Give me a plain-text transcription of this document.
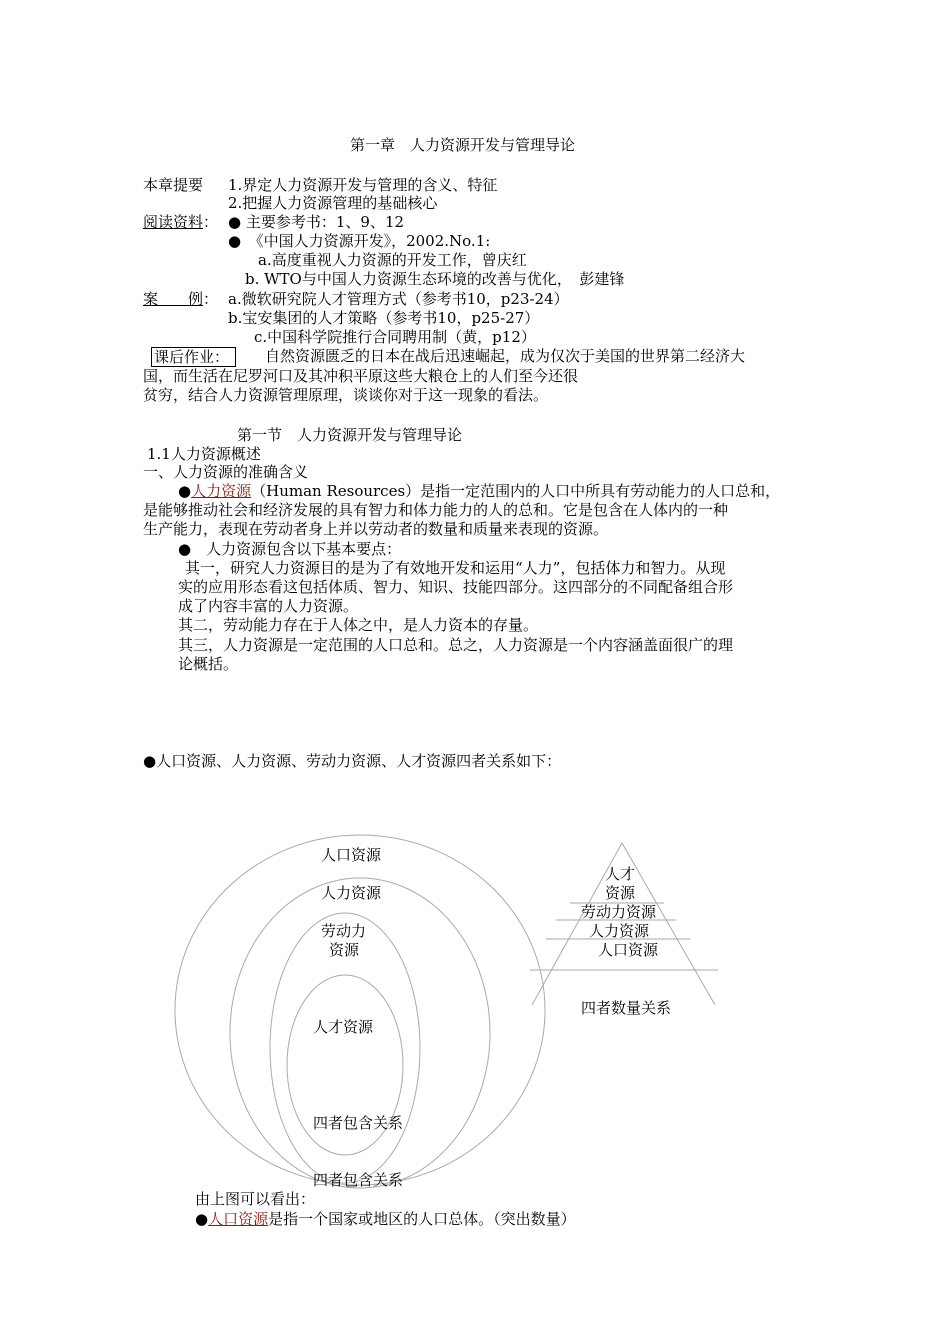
第一章　人力资源开发与管理导论
本章提要 1.界定人力资源开发与管理的含义、特征
2.把握人力资源管理的基础核心
阅读资料： ● 主要参考书：1、9、12
●　《中国人力资源开发》，2002.No.1:
a.高度重视人力资源的开发工作，曾庆红
b. WTO与中国人力资源生态环境的改善与优化，　彭建锋
案　　例： a.微软研究院人才管理方式（参考书10，p23-24）
b.宝安集团的人才策略（参考书10，p25-27）
c.中国科学院推行合同聘用制（黄，p12）
课后作业：	自然资源匮乏的日本在战后迅速崛起，成为仅次于美国的世界第二经济大
国，而生活在尼罗河口及其冲积平原这些大粮仓上的人们至今还很
贫穷，结合人力资源管理原理，谈谈你对于这一现象的看法。
第一节　人力资源开发与管理导论
1.1人力资源概述
一、人力资源的准确含义
●人力资源（Human Resources）是指一定范围内的人口中所具有劳动能力的人口总和，
是能够推动社会和经济发展的具有智力和体力能力的人的总和。它是包含在人体内的一种
生产能力，表现在劳动者身上并以劳动者的数量和质量来表现的资源。
●　人力资源包含以下基本要点：
其一，研究人力资源目的是为了有效地开发和运用“人力”，包括体力和智力。从现
实的应用形态看这包括体质、智力、知识、技能四部分。这四部分的不同配备组合形
成了内容丰富的人力资源。
其二，劳动能力存在于人体之中，是人力资本的存量。
其三，人力资源是一定范围的人口总和。总之，人力资源是一个内容涵盖面很广的理
论概括。
●人口资源、人力资源、劳动力资源、人才资源四者关系如下：
人口资源
人力资源
劳动力
资源
人才资源
四者包含关系
四者包含关系
人才
资源
劳动力资源
人力资源
人口资源
四者数量关系
由上图可以看出：
●人口资源是指一个国家或地区的人口总体。（突出数量）
